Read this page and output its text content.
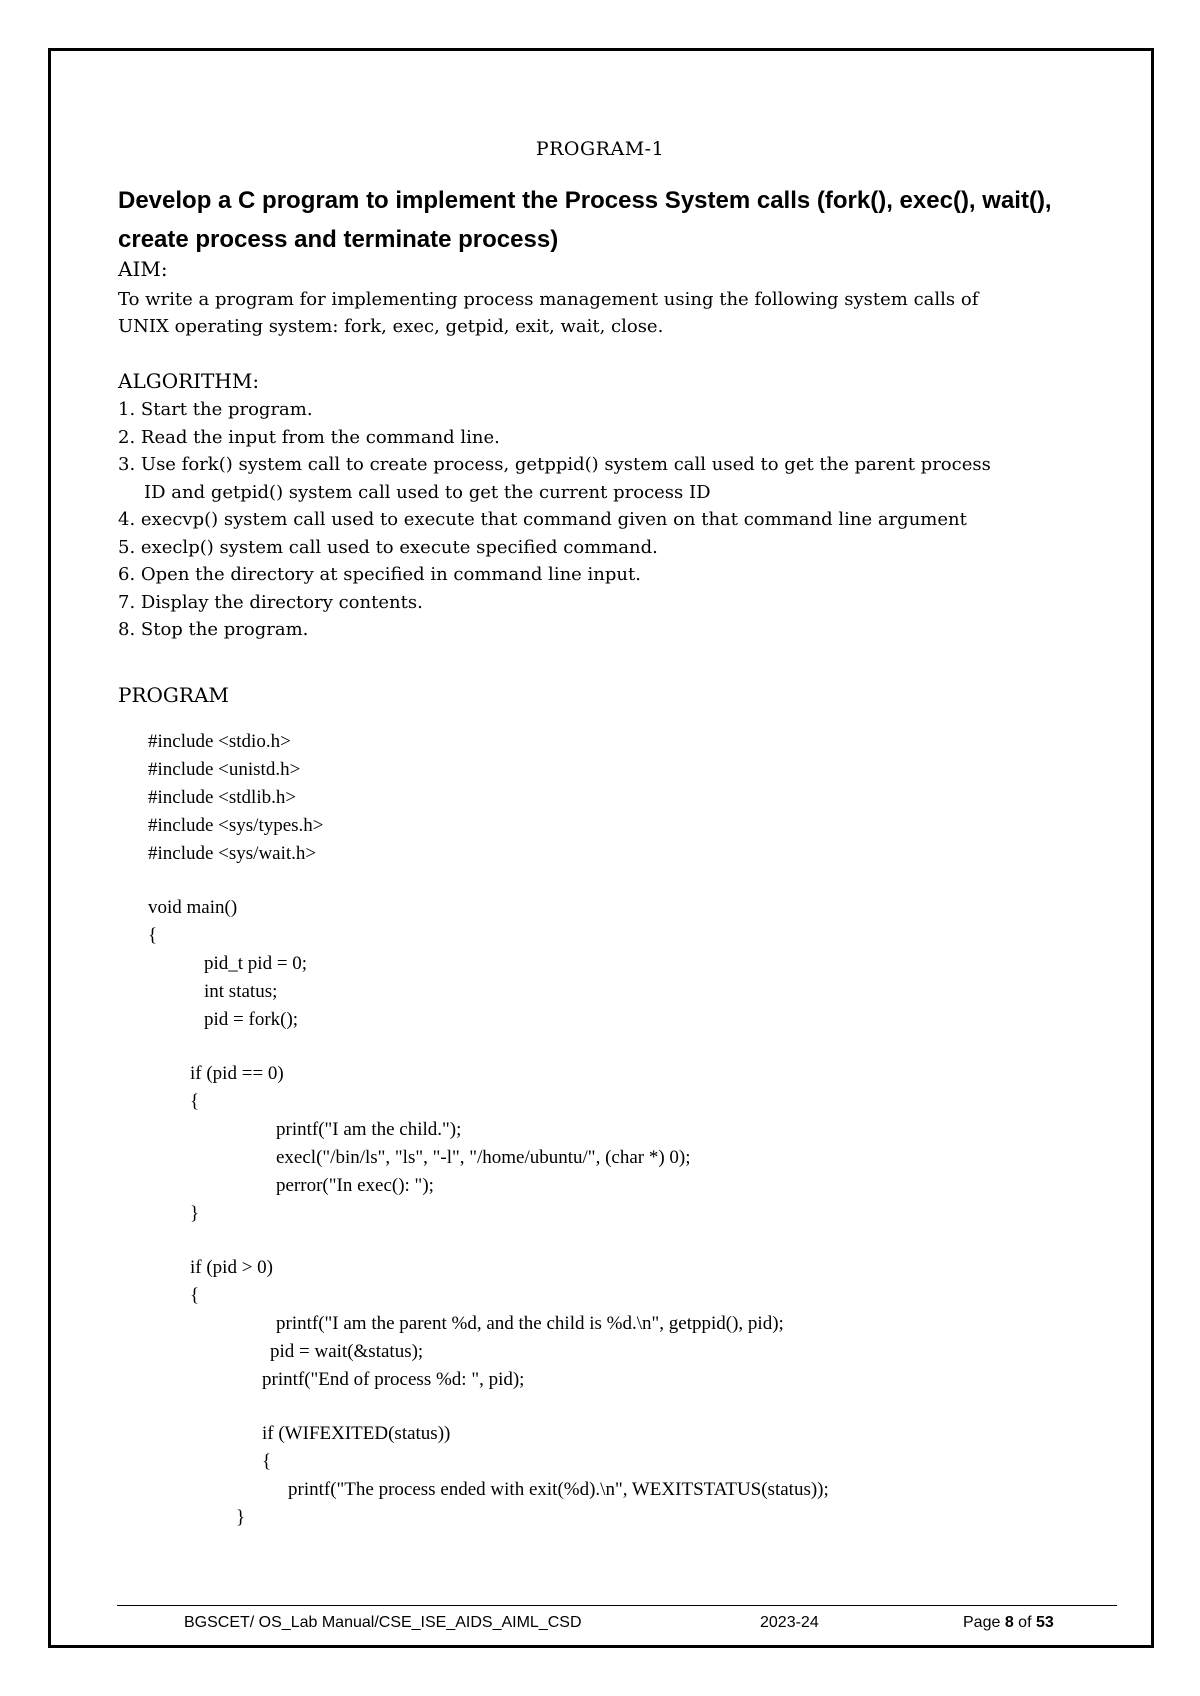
PROGRAM-1
Develop a C program to implement the Process System calls (fork(), exec(), wait(),
create process and terminate process)
AIM:
To write a program for implementing process management using the following system calls of
UNIX operating system: fork, exec, getpid, exit, wait, close.
ALGORITHM:
1. Start the program.
2. Read the input from the command line.
3. Use fork() system call to create process, getppid() system call used to get the parent process
ID and getpid() system call used to get the current process ID
4. execvp() system call used to execute that command given on that command line argument
5. execlp() system call used to execute specified command.
6. Open the directory at specified in command line input.
7. Display the directory contents.
8. Stop the program.
PROGRAM
#include <stdio.h>
#include <unistd.h>
#include <stdlib.h>
#include <sys/types.h>
#include <sys/wait.h>
void main()
{
pid_t pid = 0;
int status;
pid = fork();
if (pid == 0)
{
printf("I am the child.");
execl("/bin/ls", "ls", "-l", "/home/ubuntu/", (char *) 0);
perror("In exec(): ");
}
if (pid > 0)
{
printf("I am the parent %d, and the child is %d.\n", getppid(), pid);
pid = wait(&status);
printf("End of process %d: ", pid);
if (WIFEXITED(status))
{
printf("The process ended with exit(%d).\n", WEXITSTATUS(status));
}
BGSCET/ OS_Lab Manual/CSE_ISE_AIDS_AIML_CSD	2023-24	Page 8 of 53
